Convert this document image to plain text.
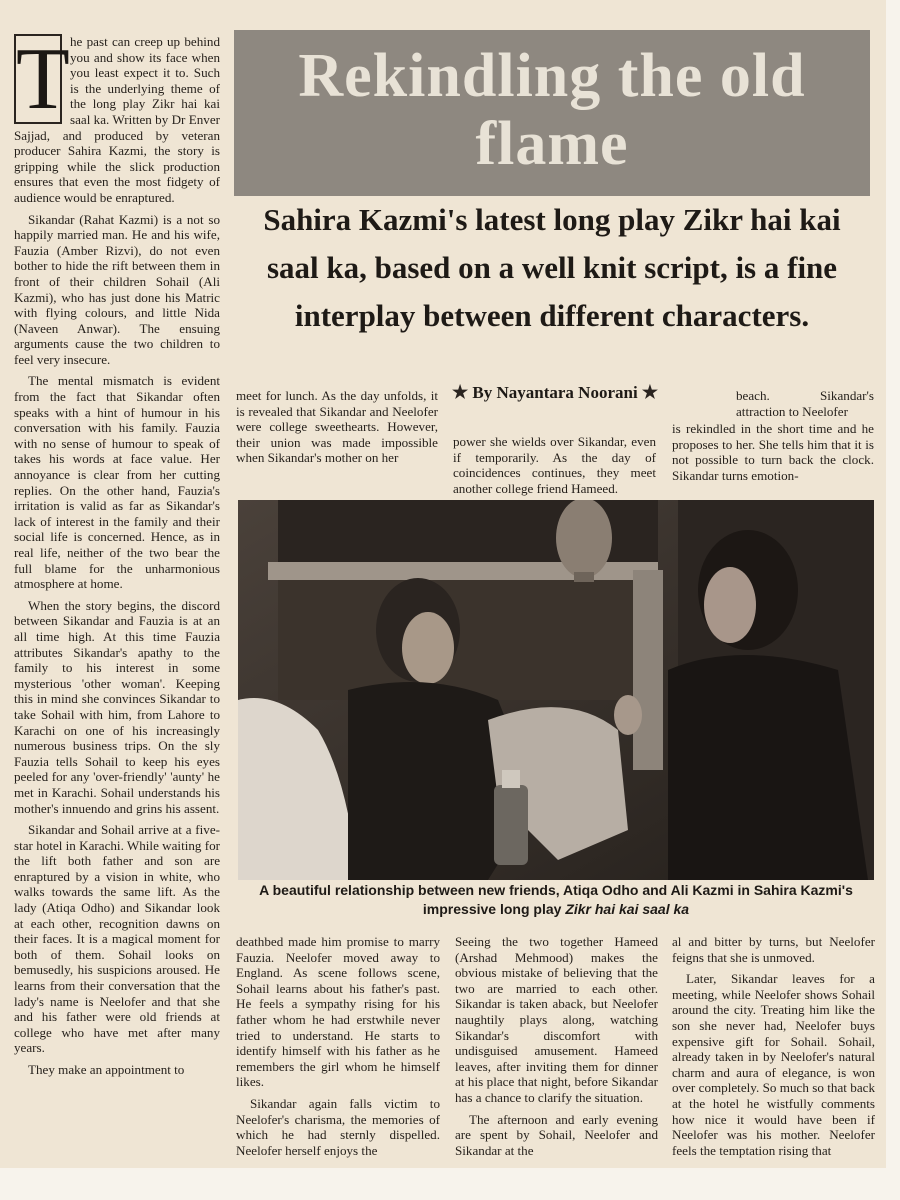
T he past can creep up behind you and show its face when you least expect it to. Such is the underlying theme of the long play Zikr hai kai saal ka. Written by Dr Enver Sajjad, and produced by veteran producer Sahira Kazmi, the story is gripping while the slick production ensures that even the most fidgety of audience would be enraptured.

Sikandar (Rahat Kazmi) is a not so happily married man. He and his wife, Fauzia (Amber Rizvi), do not even bother to hide the rift between them in front of their children Sohail (Ali Kazmi), who has just done his Matric with flying colours, and little Nida (Naveen Anwar). The ensuing arguments cause the two children to feel very insecure.

The mental mismatch is evident from the fact that Sikandar often speaks with a hint of humour in his conversation with his family. Fauzia with no sense of humour to speak of takes his words at face value. Her annoyance is clear from her cutting replies. On the other hand, Fauzia's irritation is valid as far as Sikandar's lack of interest in the family and their social life is concerned. Hence, as in real life, neither of the two bear the full blame for the unharmonious atmosphere at home.

When the story begins, the discord between Sikandar and Fauzia is at an all time high. At this time Fauzia attributes Sikandar's apathy to the family to his interest in some mysterious 'other woman'. Keeping this in mind she convinces Sikandar to take Sohail with him, from Lahore to Karachi on one of his increasingly numerous business trips. On the sly Fauzia tells Sohail to keep his eyes peeled for any 'over-friendly' 'aunty' he met in Karachi. Sohail understands his mother's innuendo and grins his assent.

Sikandar and Sohail arrive at a five-star hotel in Karachi. While waiting for the lift both father and son are enraptured by a vision in white, who walks towards the same lift. As the lady (Atiqa Odho) and Sikandar look at each other, recognition dawns on their faces. It is a magical moment for both of them. Sohail looks on bemusedly, his suspicions aroused. He learns from their conversation that the lady's name is Neelofer and that she and his father were old friends at college who have met after many years.

They make an appointment to

Rekindling the old flame
Sahira Kazmi's latest long play Zikr hai kai saal ka, based on a well knit script, is a fine interplay between different characters.
★ By Nayantara Noorani ★

meet for lunch. As the day unfolds, it is revealed that Sikandar and Neelofer were college sweethearts. However, their union was made impossible when Sikandar's mother on her

power she wields over Sikandar, even if temporarily. As the day of coincidences continues, they meet another college friend Hameed.

beach. Sikandar's attraction to Neelofer

is rekindled in the short time and he proposes to her. She tells him that it is not possible to turn back the clock. Sikandar turns emotion-

A beautiful relationship between new friends, Atiqa Odho and Ali Kazmi in Sahira Kazmi's impressive long play Zikr hai kai saal ka

deathbed made him promise to marry Fauzia. Neelofer moved away to England. As scene follows scene, Sohail learns about his father's past. He feels a sympathy rising for his father whom he had erstwhile never tried to understand. He starts to identify himself with his father as he remembers the girl whom he himself likes.

Sikandar again falls victim to Neelofer's charisma, the memories of which he had sternly dispelled. Neelofer herself enjoys the

Seeing the two together Hameed (Arshad Mehmood) makes the obvious mistake of believing that the two are married to each other. Sikandar is taken aback, but Neelofer naughtily plays along, watching Sikandar's discomfort with undisguised amusement. Hameed leaves, after inviting them for dinner at his place that night, before Sikandar has a chance to clarify the situation.

The afternoon and early evening are spent by Sohail, Neelofer and Sikandar at the

al and bitter by turns, but Neelofer feigns that she is unmoved.

Later, Sikandar leaves for a meeting, while Neelofer shows Sohail around the city. Treating him like the son she never had, Neelofer buys expensive gift for Sohail. Sohail, already taken in by Neelofer's natural charm and aura of elegance, is won over completely. So much so that back at the hotel he wistfully comments how nice it would have been if Neelofer was his mother. Neelofer feels the temptation rising that
